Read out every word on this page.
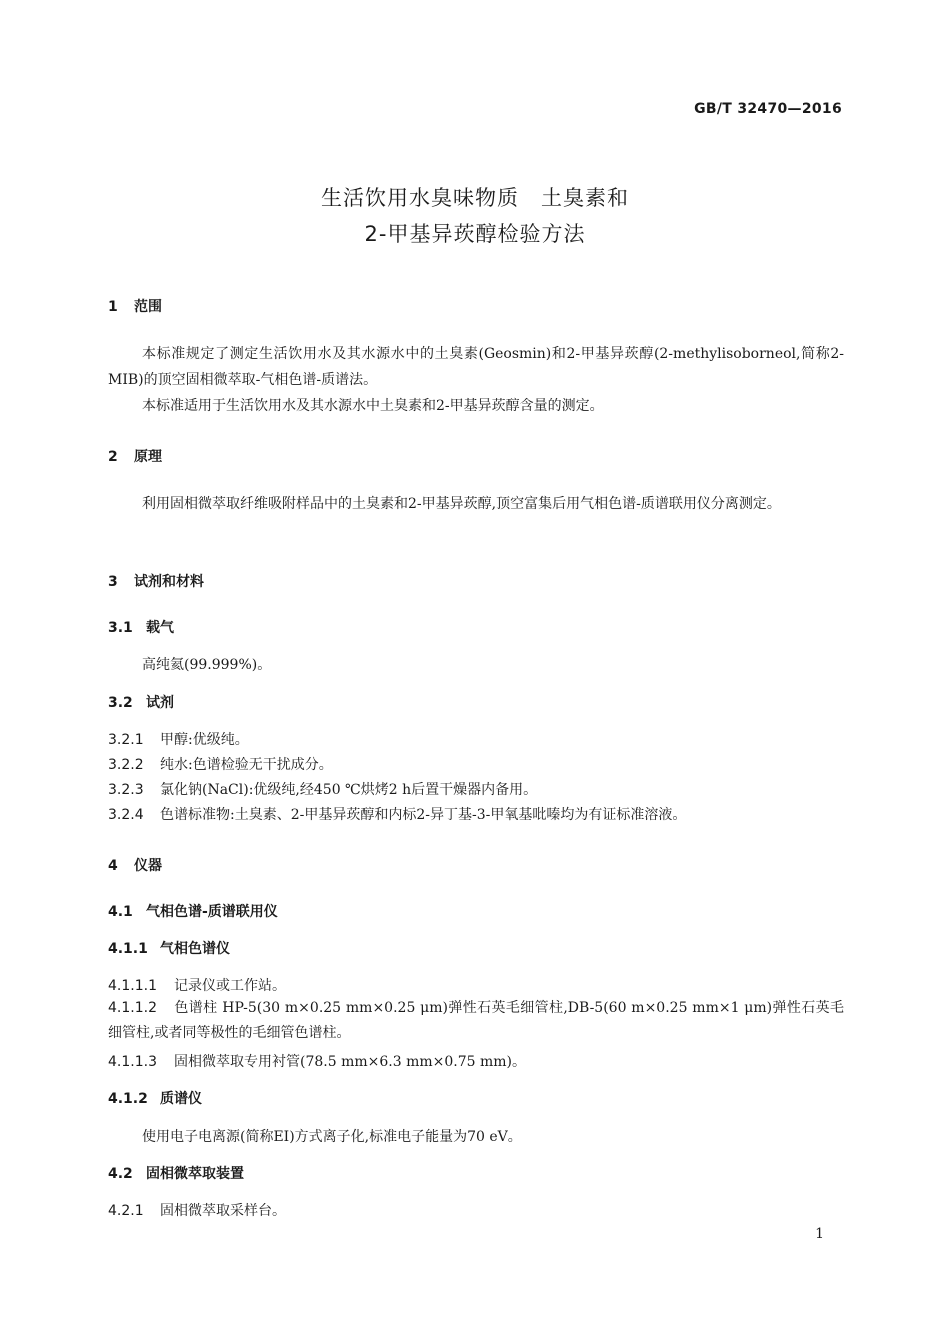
GB/T 32470—2016
生活饮用水臭味物质　土臭素和
2-甲基异莰醇检验方法
1 范围
本标准规定了测定生活饮用水及其水源水中的土臭素(Geosmin)和2-甲基异莰醇(2-methylisoborneol,简称2-MIB)的顶空固相微萃取-气相色谱-质谱法。
本标准适用于生活饮用水及其水源水中土臭素和2-甲基异莰醇含量的测定。
2 原理
利用固相微萃取纤维吸附样品中的土臭素和2-甲基异莰醇,顶空富集后用气相色谱-质谱联用仪分离测定。
3 试剂和材料
3.1 载气
高纯氦(99.999%)。
3.2 试剂
3.2.1 甲醇:优级纯。
3.2.2 纯水:色谱检验无干扰成分。
3.2.3 氯化钠(NaCl):优级纯,经450 ℃烘烤2 h后置干燥器内备用。
3.2.4 色谱标准物:土臭素、2-甲基异莰醇和内标2-异丁基-3-甲氧基吡嗪均为有证标准溶液。
4 仪器
4.1 气相色谱-质谱联用仪
4.1.1 气相色谱仪
4.1.1.1 记录仪或工作站。
4.1.1.2 色谱柱 HP-5(30 m×0.25 mm×0.25 μm)弹性石英毛细管柱,DB-5(60 m×0.25 mm×1 μm)弹性石英毛细管柱,或者同等极性的毛细管色谱柱。
4.1.1.3 固相微萃取专用衬管(78.5 mm×6.3 mm×0.75 mm)。
4.1.2 质谱仪
使用电子电离源(简称EI)方式离子化,标准电子能量为70 eV。
4.2 固相微萃取装置
4.2.1 固相微萃取采样台。
1
